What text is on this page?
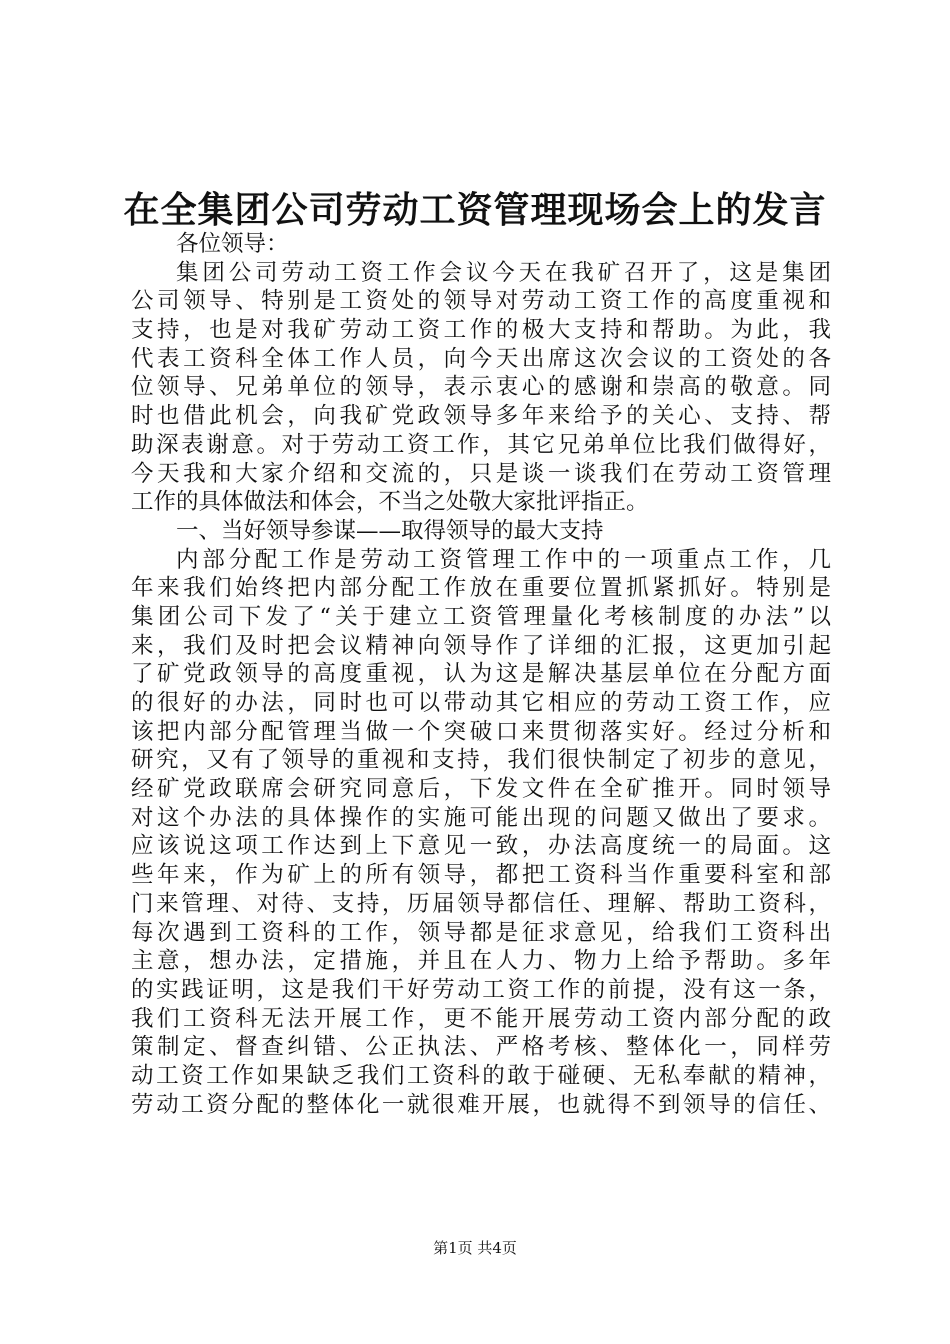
在全集团公司劳动工资管理现场会上的发言
各位领导：
集团公司劳动工资工作会议今天在我矿召开了，这是集团
公司领导、特别是工资处的领导对劳动工资工作的高度重视和
支持，也是对我矿劳动工资工作的极大支持和帮助。为此，我
代表工资科全体工作人员，向今天出席这次会议的工资处的各
位领导、兄弟单位的领导，表示衷心的感谢和崇高的敬意。同
时也借此机会，向我矿党政领导多年来给予的关心、支持、帮
助深表谢意。对于劳动工资工作，其它兄弟单位比我们做得好，
今天我和大家介绍和交流的，只是谈一谈我们在劳动工资管理
工作的具体做法和体会，不当之处敬大家批评指正。
一、当好领导参谋——取得领导的最大支持
内部分配工作是劳动工资管理工作中的一项重点工作，几
年来我们始终把内部分配工作放在重要位置抓紧抓好。特别是
集团公司下发了“关于建立工资管理量化考核制度的办法”以
来，我们及时把会议精神向领导作了详细的汇报，这更加引起
了矿党政领导的高度重视，认为这是解决基层单位在分配方面
的很好的办法，同时也可以带动其它相应的劳动工资工作，应
该把内部分配管理当做一个突破口来贯彻落实好。经过分析和
研究，又有了领导的重视和支持，我们很快制定了初步的意见，
经矿党政联席会研究同意后，下发文件在全矿推开。同时领导
对这个办法的具体操作的实施可能出现的问题又做出了要求。
应该说这项工作达到上下意见一致，办法高度统一的局面。这
些年来，作为矿上的所有领导，都把工资科当作重要科室和部
门来管理、对待、支持，历届领导都信任、理解、帮助工资科，
每次遇到工资科的工作，领导都是征求意见，给我们工资科出
主意，想办法，定措施，并且在人力、物力上给予帮助。多年
的实践证明，这是我们干好劳动工资工作的前提，没有这一条，
我们工资科无法开展工作，更不能开展劳动工资内部分配的政
策制定、督查纠错、公正执法、严格考核、整体化一，同样劳
动工资工作如果缺乏我们工资科的敢于碰硬、无私奉献的精神，
劳动工资分配的整体化一就很难开展，也就得不到领导的信任、
第1页 共4页
